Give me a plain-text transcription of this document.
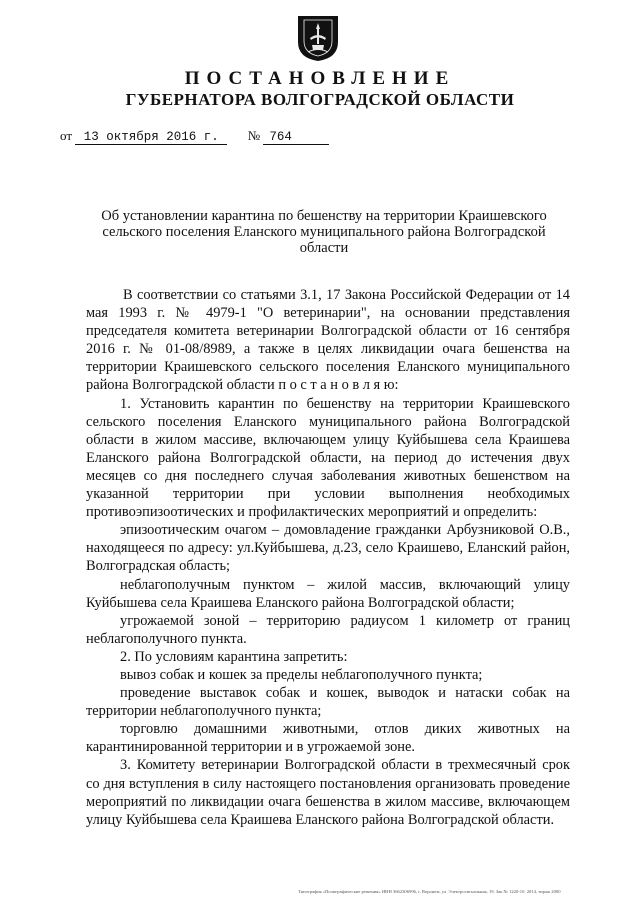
ПОСТАНОВЛЕНИЕ
ГУБЕРНАТОРА ВОЛГОГРАДСКОЙ ОБЛАСТИ
от 13 октября 2016 г. № 764
Об установлении карантина по бешенству на территории Краишевского сельского поселения Еланского муниципального района Волгоградской области

В соответствии со статьями 3.1, 17 Закона Российской Федерации от 14 мая 1993 г. № 4979-1 "О ветеринарии", на основании представления председателя комитета ветеринарии Волгоградской области от 16 сентября 2016 г. № 01-08/8989, а также в целях ликвидации очага бешенства на территории Краишевского сельского поселения Еланского муниципального района Волгоградской области п о с т а н о в л я ю:

1. Установить карантин по бешенству на территории Краишевского сельского поселения Еланского муниципального района Волгоградской области в жилом массиве, включающем улицу Куйбышева села Краишева Еланского района Волгоградской области, на период до истечения двух месяцев со дня последнего случая заболевания животных бешенством на указанной территории при условии выполнения необходимых противоэпизоотических и профилактических мероприятий и определить:

эпизоотическим очагом – домовладение гражданки Арбузниковой О.В., находящееся по адресу: ул.Куйбышева, д.23, село Краишево, Еланский район, Волгоградская область;

неблагополучным пунктом – жилой массив, включающий улицу Куйбышева села Краишева Еланского района Волгоградской области;

угрожаемой зоной – территорию радиусом 1 километр от границ неблагополучного пункта.

2. По условиям карантина запретить:

вывоз собак и кошек за пределы неблагополучного пункта;

проведение выставок собак и кошек, выводок и натаски собак на территории неблагополучного пункта;

торговлю домашними животными, отлов диких животных на карантинированной территории и в угрожаемой зоне.

3. Комитету ветеринарии Волгоградской области в трехмесячный срок со дня вступления в силу настоящего постановления организовать проведение мероприятий по ликвидации очага бешенства в жилом массиве, включающем улицу Куйбышева села Краишева Еланского района Волгоградской области.

Типография «Полиграфические решения» ИНН 3662306996, г. Воронеж, ул. Электросигнальная, 19, Зак № 1220-10. 2014, тираж 2000
